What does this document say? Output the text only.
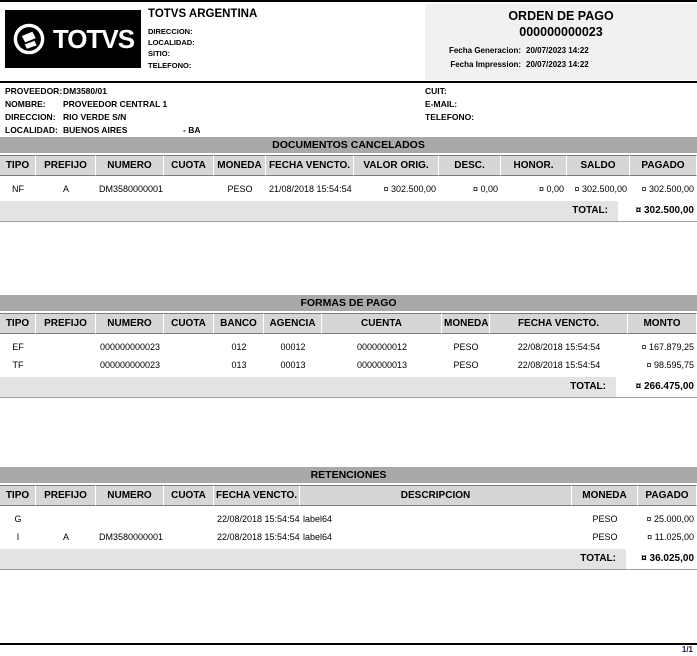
TOTVS
TOTVS ARGENTINA
DIRECCION:
LOCALIDAD:
SITIO:
TELEFONO:
ORDEN DE PAGO
000000000023
Fecha Generacion: 20/07/2023 14:22
Fecha Impression: 20/07/2023 14:22
PROVEEDOR:DM3580/01
NOMBRE: PROVEEDOR CENTRAL 1
DIRECCION: RIO VERDE S/N
LOCALIDAD: BUENOS AIRES	- BA
CUIT:
E-MAIL:
TELEFONO:
DOCUMENTOS CANCELADOS
TIPO	PREFIJO	NUMERO	CUOTA	MONEDA	FECHA VENCTO.	VALOR ORIG.	DESC.	HONOR.	SALDO	PAGADO
NF	A	DM3580000001		PESO	21/08/2018 15:54:54	¤ 302.500,00	¤ 0,00	¤ 0,00	¤ 302.500,00	¤ 302.500,00
TOTAL:	¤ 302.500,00
FORMAS DE PAGO
TIPO	PREFIJO	NUMERO	CUOTA	BANCO	AGENCIA	CUENTA	MONEDA	FECHA VENCTO.	MONTO
EF		000000000023		012	00012	0000000012	PESO	22/08/2018 15:54:54	¤ 167.879,25
TF		000000000023		013	00013	0000000013	PESO	22/08/2018 15:54:54	¤ 98.595,75
TOTAL:	¤ 266.475,00
RETENCIONES
TIPO	PREFIJO	NUMERO	CUOTA	FECHA VENCTO.	DESCRIPCION	MONEDA	PAGADO
G				22/08/2018 15:54:54	label64	PESO	¤ 25.000,00
I	A	DM3580000001		22/08/2018 15:54:54	label64	PESO	¤ 11.025,00
TOTAL:	¤ 36.025,00
1/1
